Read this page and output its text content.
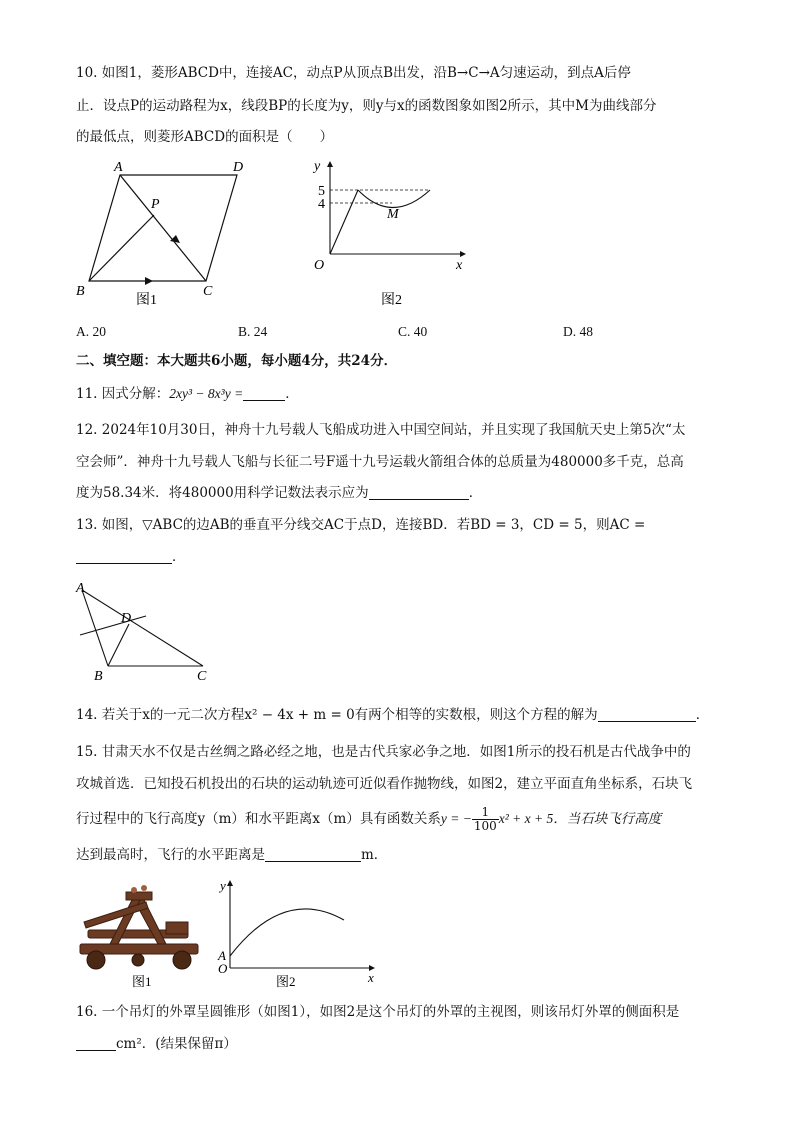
10. 如图1，菱形ABCD中，连接AC，动点P从顶点B出发，沿B→C→A匀速运动，到点A后停
止．设点P的运动路程为x，线段BP的长度为y，则y与x的函数图象如图2所示，其中M为曲线部分
的最低点，则菱形ABCD的面积是（　　）
A	D
B	C
P
图1
y
x
O
5
4
M
图2
A. 20	B. 24	C. 40	D. 48
二、填空题：本大题共6小题，每小题4分，共24分．
11. 因式分解：2xy³ − 8x³y =	．
12. 2024年10月30日，神舟十九号载人飞船成功进入中国空间站，并且实现了我国航天史上第5次“太
空会师”．神舟十九号载人飞船与长征二号F遥十九号运载火箭组合体的总质量为480000多千克，总高
度为58.34米．将480000用科学记数法表示应为	．
13. 如图，▽ABC的边AB的垂直平分线交AC于点D，连接BD．若BD = 3，CD = 5，则AC =
．
A
B	C
D
14. 若关于x的一元二次方程x² − 4x + m = 0有两个相等的实数根，则这个方程的解为	．
15. 甘肃天水不仅是古丝绸之路必经之地，也是古代兵家必争之地．如图1所示的投石机是古代战争中的
攻城首选．已知投石机投出的石块的运动轨迹可近似看作抛物线，如图2，建立平面直角坐标系，石块飞
行过程中的飞行高度y（m）和水平距离x（m）具有函数关系y = − $\frac{1}{100} x^2 + x + 5$．当石块飞行高度
达到最高时，飞行的水平距离是	m．
图1
y
x
O
A
图2
16. 一个吊灯的外罩呈圆锥形（如图1），如图2是这个吊灯的外罩的主视图，则该吊灯外罩的侧面积是
cm²．(结果保留π）
